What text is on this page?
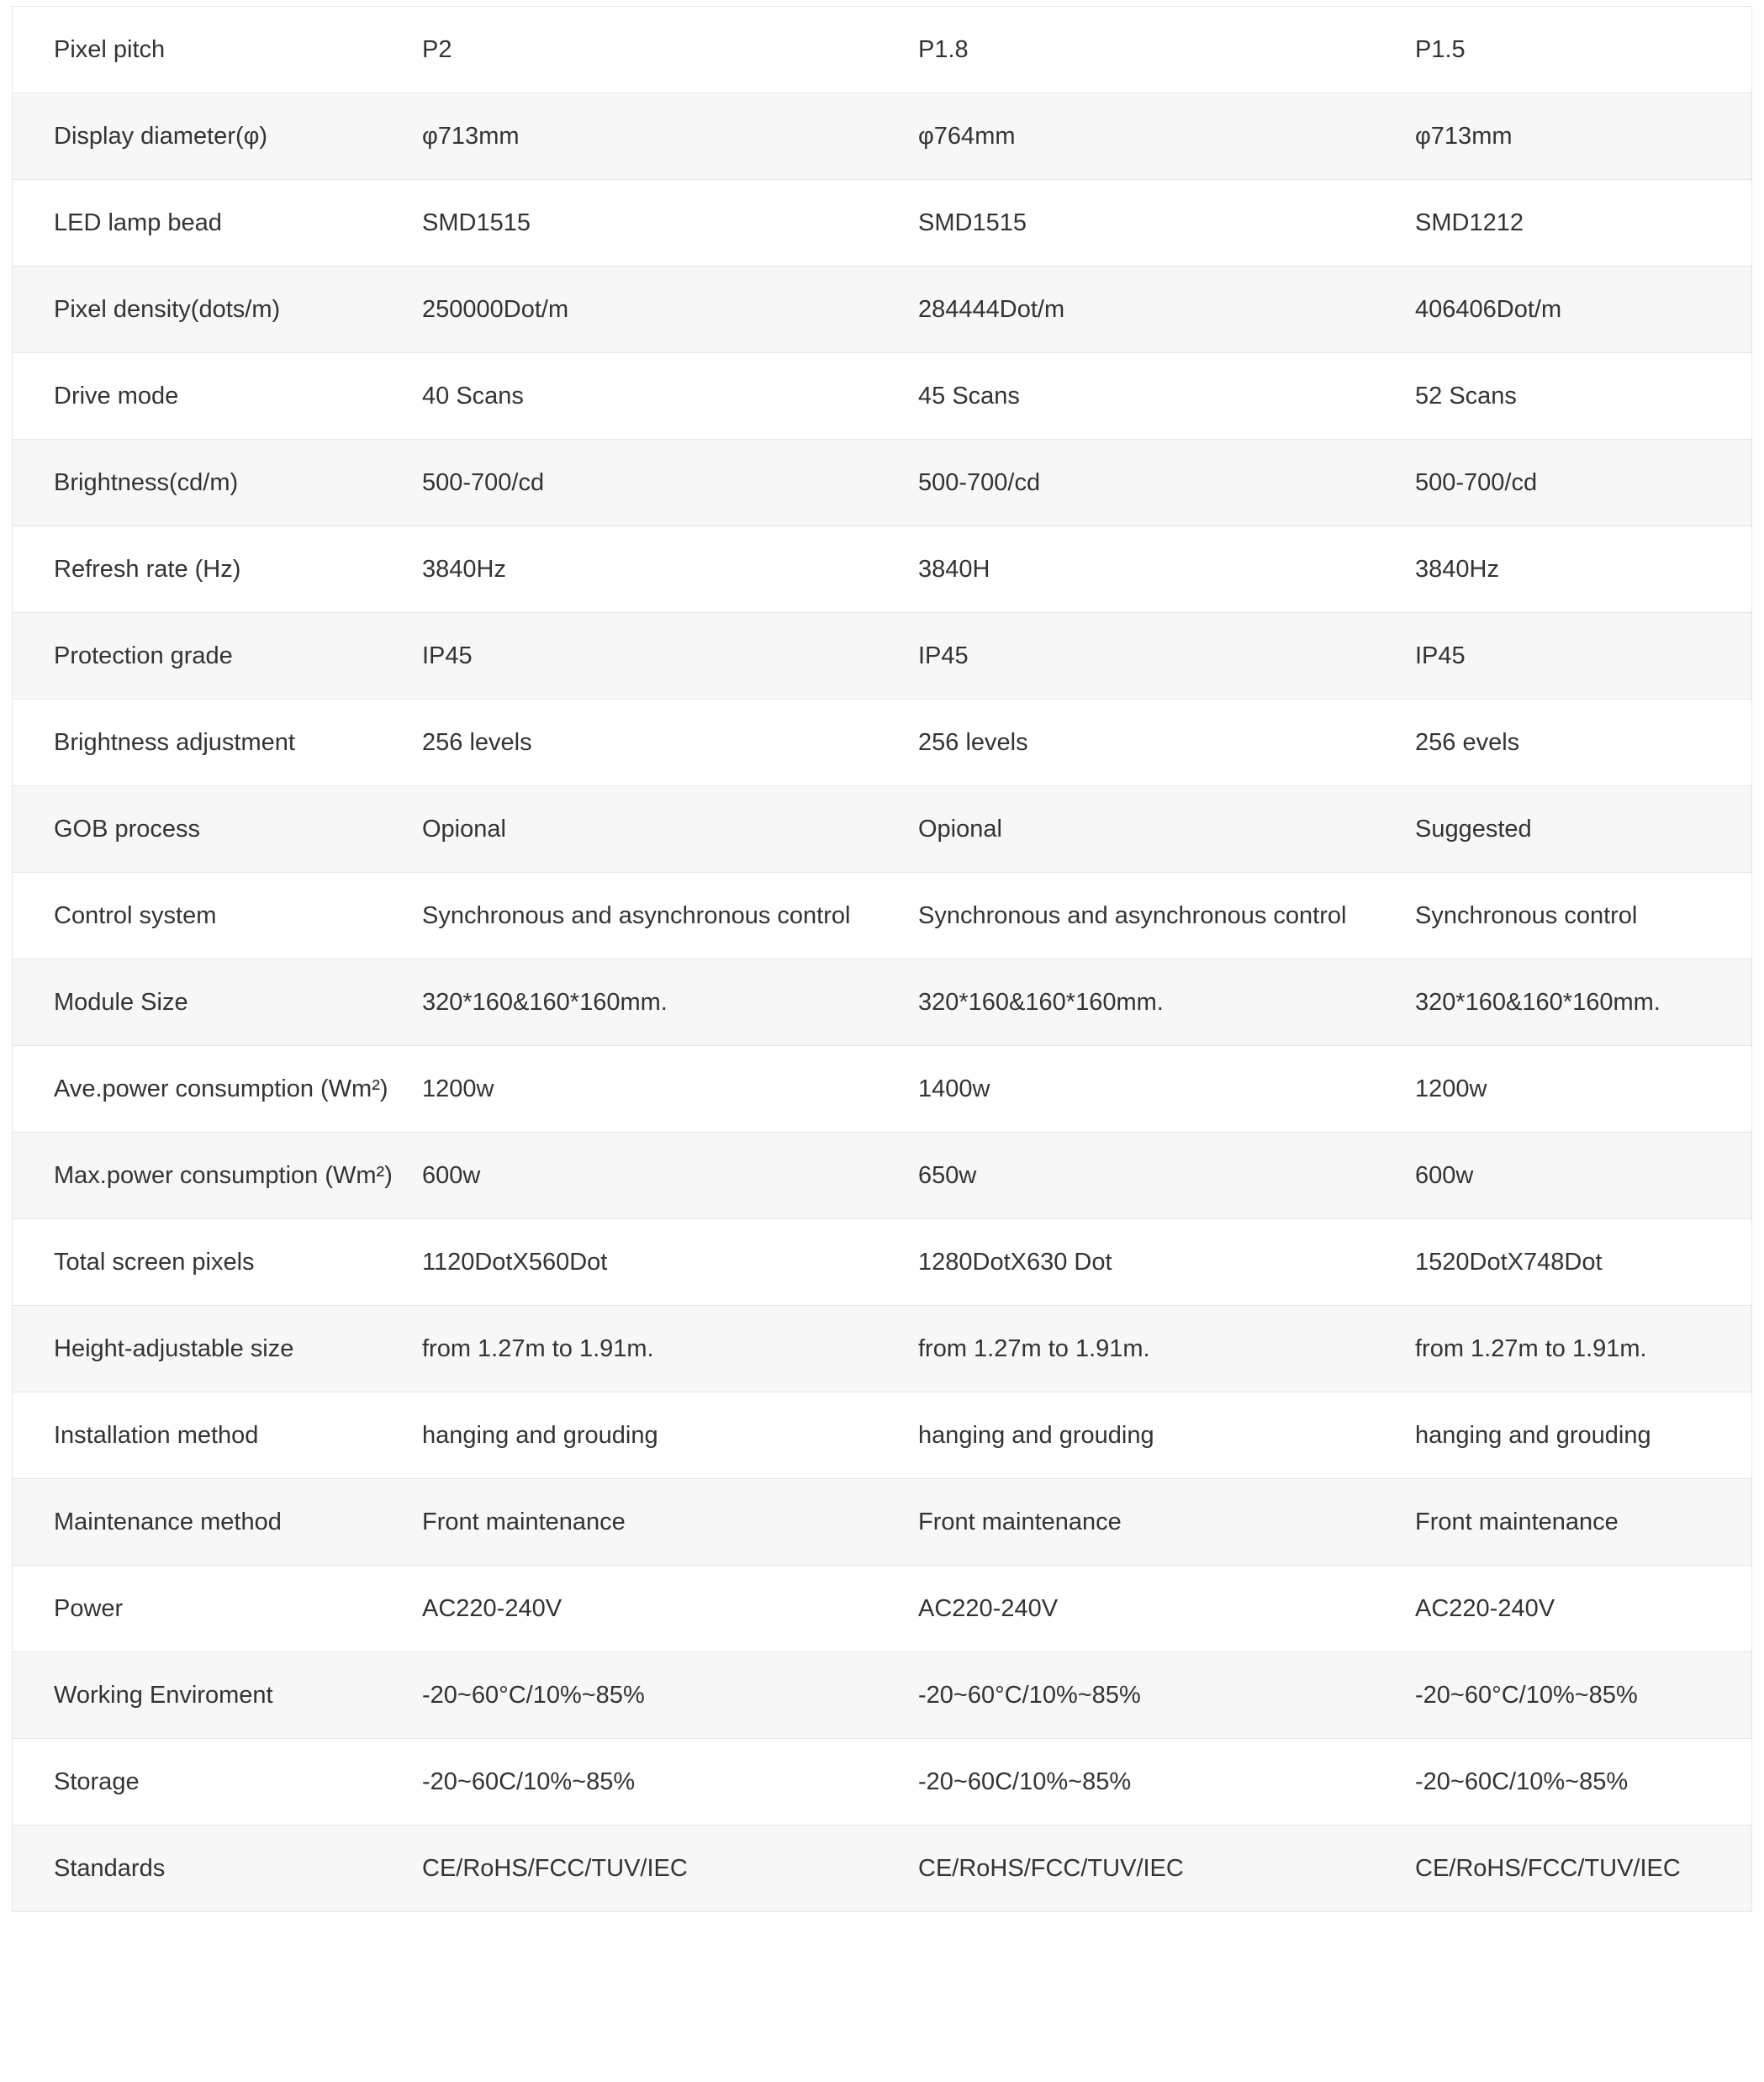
Pixel pitch	P2	P1.8	P1.5
Display diameter(φ)	φ713mm	φ764mm	φ713mm
LED lamp bead	SMD1515	SMD1515	SMD1212
Pixel density(dots/m)	250000Dot/m	284444Dot/m	406406Dot/m
Drive mode	40 Scans	45 Scans	52 Scans
Brightness(cd/m)	500-700/cd	500-700/cd	500-700/cd
Refresh rate (Hz)	3840Hz	3840H	3840Hz
Protection grade	IP45	IP45	IP45
Brightness adjustment	256 levels	256 levels	256 evels
GOB process	Opional	Opional	Suggested
Control system	Synchronous and asynchronous control	Synchronous and asynchronous control	Synchronous control
Module Size	320*160&160*160mm.	320*160&160*160mm.	320*160&160*160mm.
Ave.power consumption (Wm²)	1200w	1400w	1200w
Max.power consumption (Wm²)	600w	650w	600w
Total screen pixels	1120DotX560Dot	1280DotX630 Dot	1520DotX748Dot
Height-adjustable size	from 1.27m to 1.91m.	from 1.27m to 1.91m.	from 1.27m to 1.91m.
Installation method	hanging and grouding	hanging and grouding	hanging and grouding
Maintenance method	Front maintenance	Front maintenance	Front maintenance
Power	AC220-240V	AC220-240V	AC220-240V
Working Enviroment	-20~60°C/10%~85%	-20~60°C/10%~85%	-20~60°C/10%~85%
Storage	-20~60C/10%~85%	-20~60C/10%~85%	-20~60C/10%~85%
Standards	CE/RoHS/FCC/TUV/IEC	CE/RoHS/FCC/TUV/IEC	CE/RoHS/FCC/TUV/IEC
